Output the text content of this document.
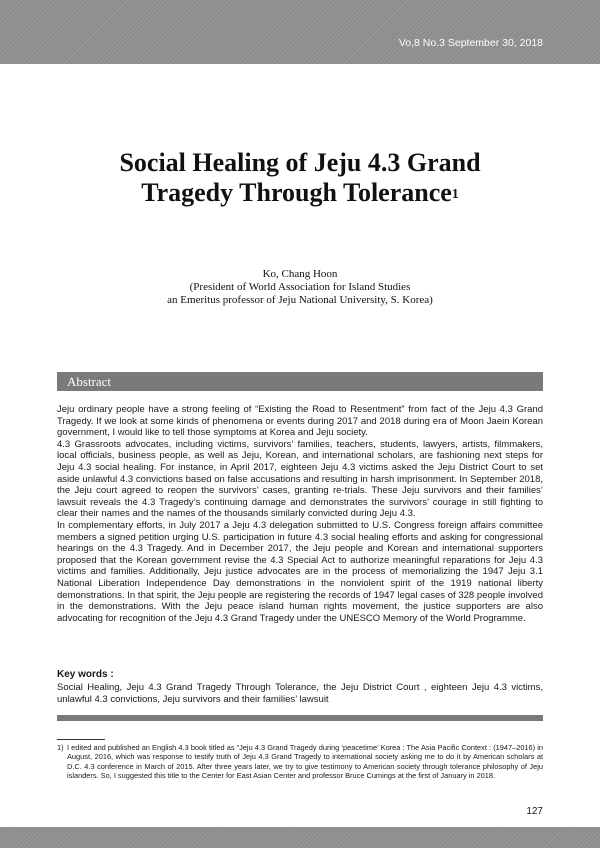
Vo,8 No.3 September 30, 2018
Social Healing of Jeju 4.3 Grand
Tragedy Through Tolerance$^1$
Ko, Chang Hoon
(President of World Association for Island Studies
an Emeritus professor of Jeju National University, S. Korea)
Abstract

Jeju ordinary people have a strong feeling of “Existing the Road to Resentment” from fact of the Jeju 4.3 Grand Tragedy. If we look at some kinds of phenomena or events during 2017 and 2018 during era of Moon Jaein Korean government, I would like to tell those symptoms at Korea and Jeju society.

4.3 Grassroots advocates, including victims, survivors’ families, teachers, students, lawyers, artists, filmmakers, local officials, business people, as well as Jeju, Korean, and international scholars, are fashioning next steps for Jeju 4.3 social healing. For instance, in April 2017, eighteen Jeju 4.3 victims asked the Jeju District Court to set aside unlawful 4.3 convictions based on false accusations and resulting in harsh imprisonment. In September 2018, the Jeju court agreed to reopen the survivors’ cases, granting re-trials. These Jeju survivors and their families’ lawsuit reveals the 4.3 Tragedy’s continuing damage and demonstrates the survivors’ courage in still fighting to clear their names and the names of the thousands similarly convicted during Jeju 4.3.

In complementary efforts, in July 2017 a Jeju 4.3 delegation submitted to U.S. Congress foreign affairs committee members a signed petition urging U.S. participation in future 4.3 social healing efforts and asking for congressional hearings on the 4.3 Tragedy. And in December 2017, the Jeju people and Korean and international supporters proposed that the Korean government revise the 4.3 Special Act to authorize meaningful reparations for Jeju 4.3 victims and families. Additionally, Jeju justice advocates are in the process of memorializing the 1947 Jeju 3.1 National Liberation Independence Day demonstrations in the nonviolent spirit of the 1919 national liberty demonstrations. In that spirit, the Jeju people are registering the records of 1947 legal cases of 328 people involved in the demonstrations. With the Jeju peace island human rights movement, the justice supporters are also advocating for recognition of the Jeju 4.3 Grand Tragedy under the UNESCO Memory of the World Programme.

Key words :
Social Healing, Jeju 4.3 Grand Tragedy Through Tolerance, the Jeju District Court , eighteen Jeju 4.3 victims, unlawful 4.3 convictions, Jeju survivors and their families’ lawsuit
1) I edited and published an English 4.3 book titled as “Jeju 4.3 Grand Tragedy during ‘peacetime’ Korea : The Asia Pacific Context : (1947–2016) in August, 2016, which was response to testify truth of Jeju 4.3 Grand Tragedy to international society asking me to do it by American scholars at D.C. 4.3 conference in March of 2015. After three years later, we try to give testimony to American society through tolerance philosophy of Jeju islanders. So, I suggested this title to the Center for East Asian Center and professor Bruce Cumings at the first of January in 2018.
127
